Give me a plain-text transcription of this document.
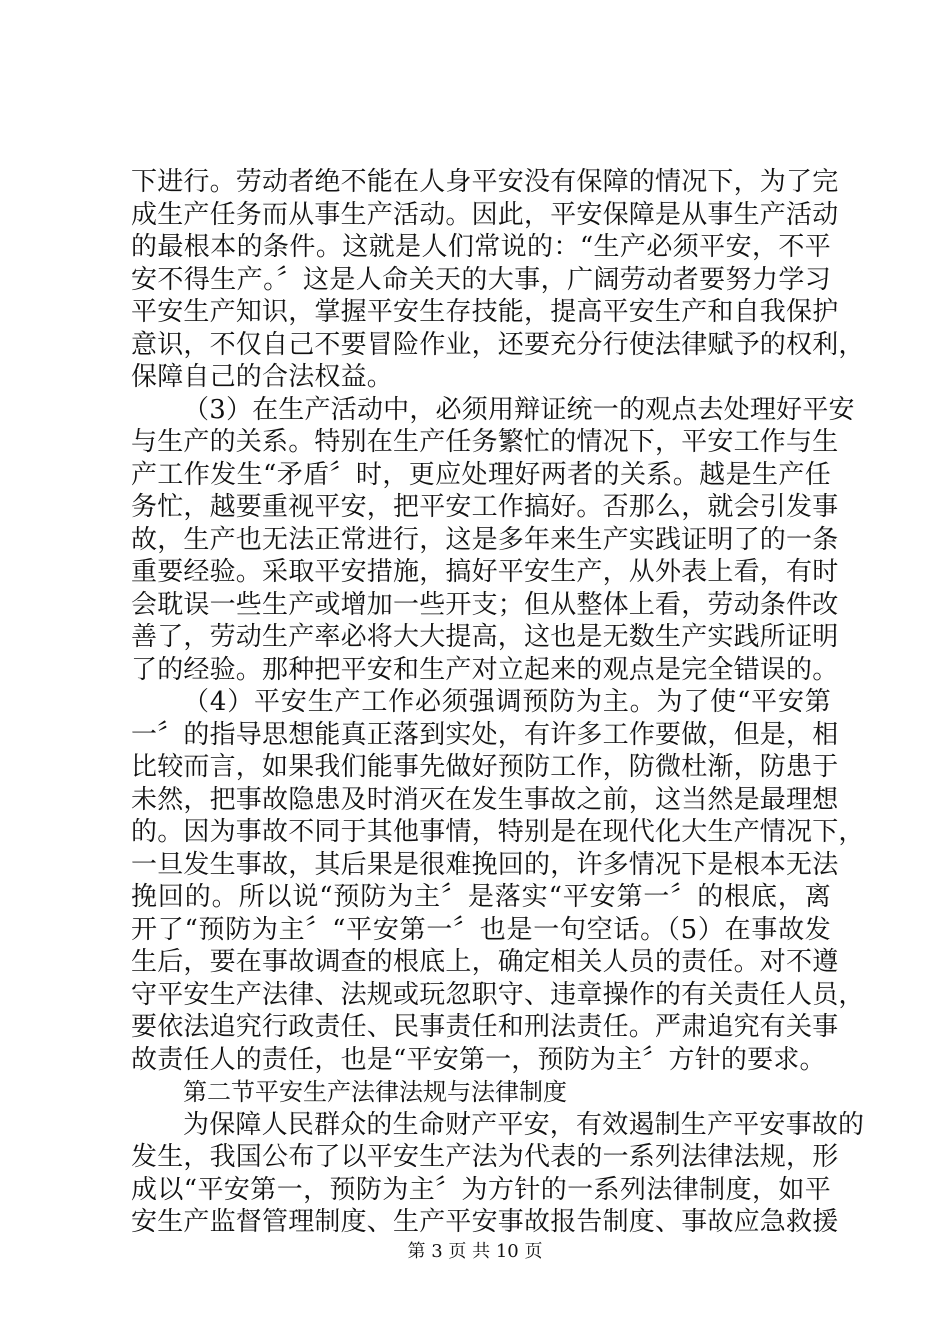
下进行。劳动者绝不能在人身平安没有保障的情况下，为了完
成生产任务而从事生产活动。因此，平安保障是从事生产活动
的最根本的条件。这就是人们常说的：“生产必须平安，不平
安不得生产。〞这是人命关天的大事，广阔劳动者要努力学习
平安生产知识，掌握平安生存技能，提高平安生产和自我保护
意识，不仅自己不要冒险作业，还要充分行使法律赋予的权利，
保障自己的合法权益。
（3）在生产活动中，必须用辩证统一的观点去处理好平安
与生产的关系。特别在生产任务繁忙的情况下，平安工作与生
产工作发生“矛盾〞时，更应处理好两者的关系。越是生产任
务忙，越要重视平安，把平安工作搞好。否那么，就会引发事
故，生产也无法正常进行，这是多年来生产实践证明了的一条
重要经验。采取平安措施，搞好平安生产，从外表上看，有时
会耽误一些生产或增加一些开支；但从整体上看，劳动条件改
善了，劳动生产率必将大大提高，这也是无数生产实践所证明
了的经验。那种把平安和生产对立起来的观点是完全错误的。
（4）平安生产工作必须强调预防为主。为了使“平安第
一〞的指导思想能真正落到实处，有许多工作要做，但是，相
比较而言，如果我们能事先做好预防工作，防微杜渐，防患于
未然，把事故隐患及时消灭在发生事故之前，这当然是最理想
的。因为事故不同于其他事情，特别是在现代化大生产情况下，
一旦发生事故，其后果是很难挽回的，许多情况下是根本无法
挽回的。所以说“预防为主〞是落实“平安第一〞的根底，离
开了“预防为主〞“平安第一〞也是一句空话。（5）在事故发
生后，要在事故调查的根底上，确定相关人员的责任。对不遵
守平安生产法律、法规或玩忽职守、违章操作的有关责任人员，
要依法追究行政责任、民事责任和刑法责任。严肃追究有关事
故责任人的责任，也是“平安第一，预防为主〞方针的要求。
第二节平安生产法律法规与法律制度
为保障人民群众的生命财产平安，有效遏制生产平安事故的
发生，我国公布了以平安生产法为代表的一系列法律法规，形
成以“平安第一，预防为主〞为方针的一系列法律制度，如平
安生产监督管理制度、生产平安事故报告制度、事故应急救援
第 3 页 共 10 页
